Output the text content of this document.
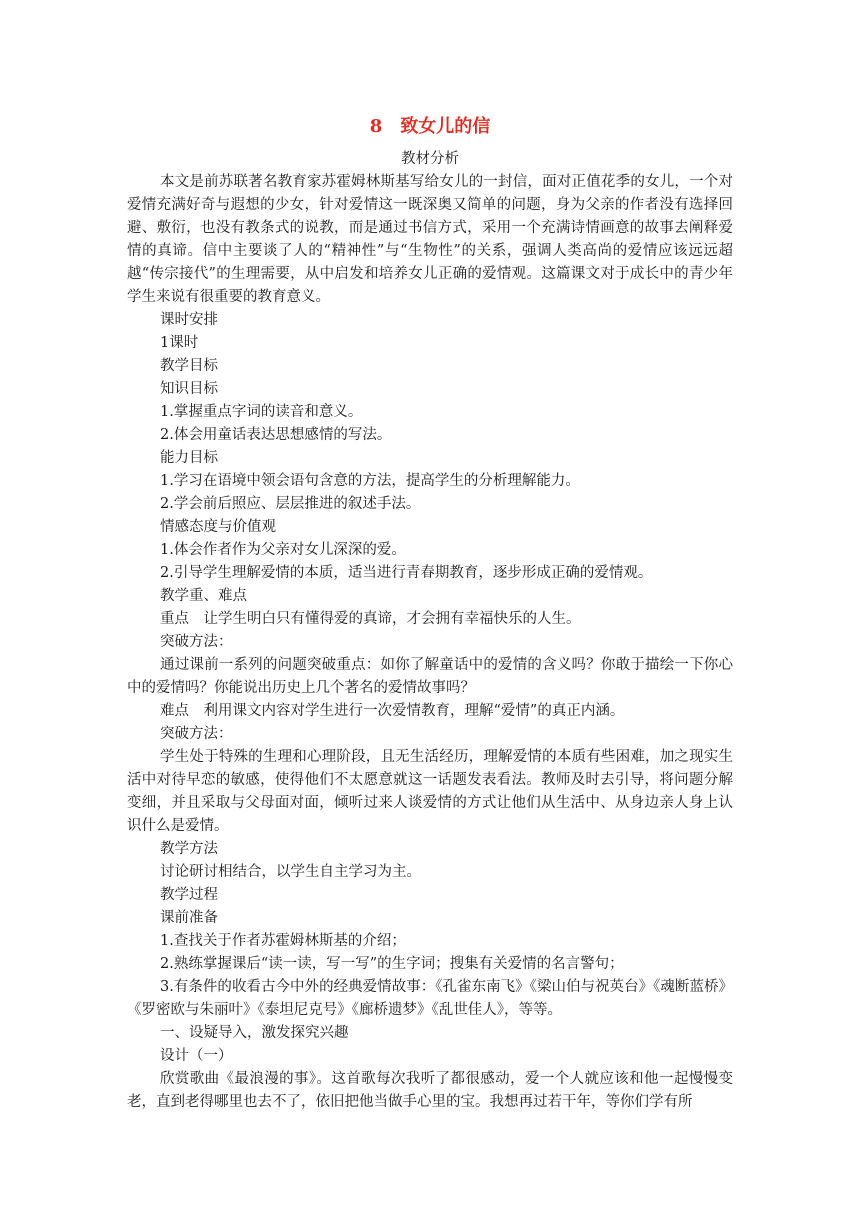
8　致女儿的信
教材分析

本文是前苏联著名教育家苏霍姆林斯基写给女儿的一封信，面对正值花季的女儿，一个对爱情充满好奇与遐想的少女，针对爱情这一既深奥又简单的问题，身为父亲的作者没有选择回避、敷衍，也没有教条式的说教，而是通过书信方式，采用一个充满诗情画意的故事去阐释爱情的真谛。信中主要谈了人的“精神性”与“生物性”的关系，强调人类高尚的爱情应该远远超越“传宗接代”的生理需要，从中启发和培养女儿正确的爱情观。这篇课文对于成长中的青少年学生来说有很重要的教育意义。

课时安排

1课时

教学目标

知识目标

1.掌握重点字词的读音和意义。

2.体会用童话表达思想感情的写法。

能力目标

1.学习在语境中领会语句含意的方法，提高学生的分析理解能力。

2.学会前后照应、层层推进的叙述手法。

情感态度与价值观

1.体会作者作为父亲对女儿深深的爱。

2.引导学生理解爱情的本质，适当进行青春期教育，逐步形成正确的爱情观。

教学重、难点

重点　让学生明白只有懂得爱的真谛，才会拥有幸福快乐的人生。

突破方法：

通过课前一系列的问题突破重点：如你了解童话中的爱情的含义吗？你敢于描绘一下你心中的爱情吗？你能说出历史上几个著名的爱情故事吗？

难点　利用课文内容对学生进行一次爱情教育，理解“爱情”的真正内涵。

突破方法：

学生处于特殊的生理和心理阶段，且无生活经历，理解爱情的本质有些困难，加之现实生活中对待早恋的敏感，使得他们不太愿意就这一话题发表看法。教师及时去引导，将问题分解变细，并且采取与父母面对面，倾听过来人谈爱情的方式让他们从生活中、从身边亲人身上认识什么是爱情。

教学方法

讨论研讨相结合，以学生自主学习为主。

教学过程

课前准备

1.查找关于作者苏霍姆林斯基的介绍；

2.熟练掌握课后“读一读，写一写”的生字词；搜集有关爱情的名言警句；

3.有条件的收看古今中外的经典爱情故事：《孔雀东南飞》《梁山伯与祝英台》《魂断蓝桥》《罗密欧与朱丽叶》《泰坦尼克号》《廊桥遗梦》《乱世佳人》，等等。

一、设疑导入，激发探究兴趣

设计（一）

欣赏歌曲《最浪漫的事》。这首歌每次我听了都很感动，爱一个人就应该和他一起慢慢变老，直到老得哪里也去不了，依旧把他当做手心里的宝。我想再过若干年，等你们学有所
